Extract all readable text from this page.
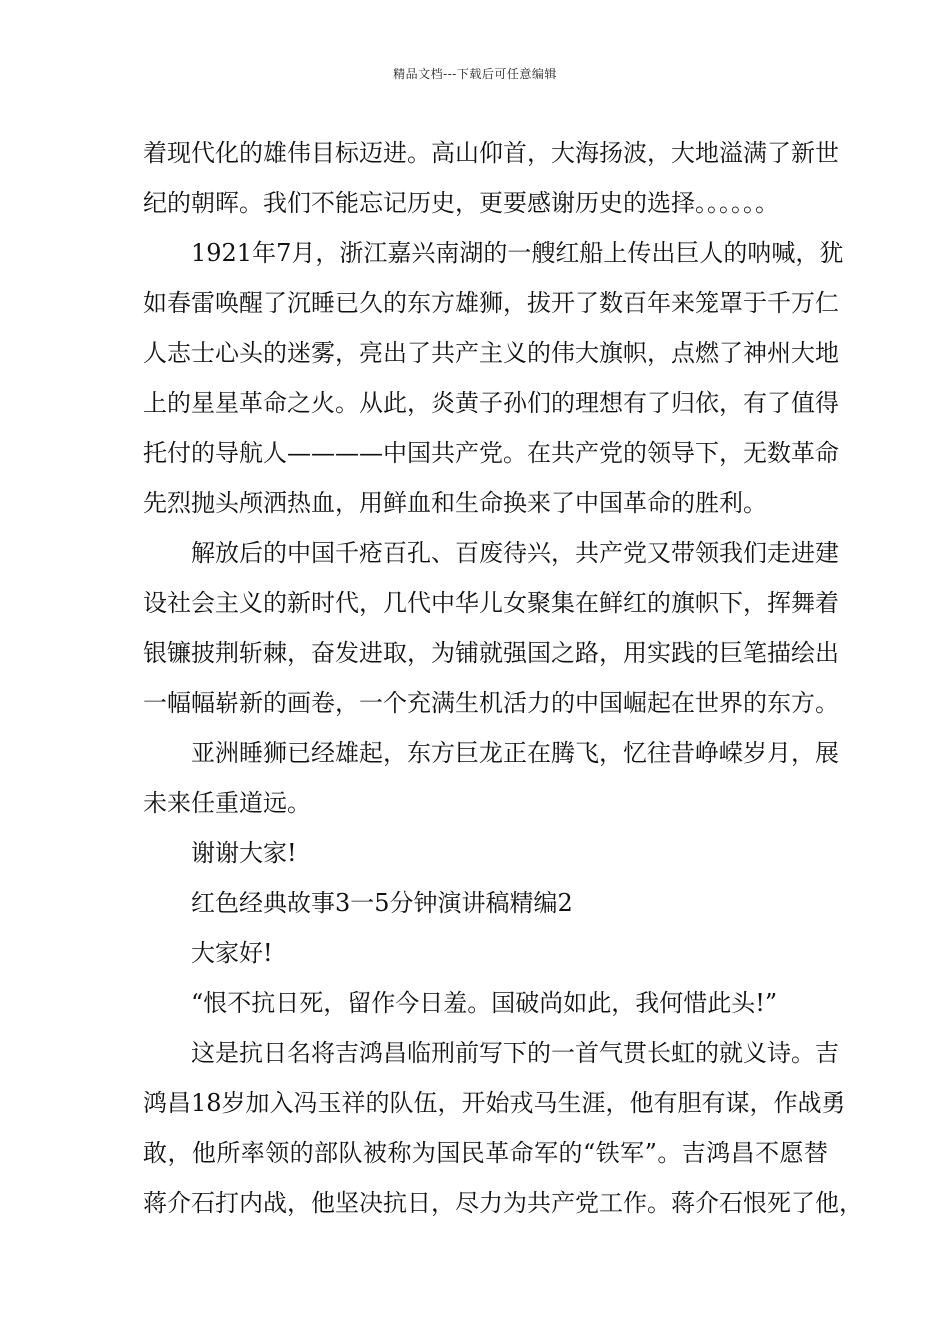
精品文档---下载后可任意编辑
着现代化的雄伟目标迈进。高山仰首，大海扬波，大地溢满了新世
纪的朝晖。我们不能忘记历史，更要感谢历史的选择。。。。。。
1921年7月，浙江嘉兴南湖的一艘红船上传出巨人的呐喊，犹
如春雷唤醒了沉睡已久的东方雄狮，拔开了数百年来笼罩于千万仁
人志士心头的迷雾，亮出了共产主义的伟大旗帜，点燃了神州大地
上的星星革命之火。从此，炎黄子孙们的理想有了归依，有了值得
托付的导航人————中国共产党。在共产党的领导下，无数革命
先烈抛头颅洒热血，用鲜血和生命换来了中国革命的胜利。
解放后的中国千疮百孔、百废待兴，共产党又带领我们走进建
设社会主义的新时代，几代中华儿女聚集在鲜红的旗帜下，挥舞着
银镰披荆斩棘，奋发进取，为铺就强国之路，用实践的巨笔描绘出
一幅幅崭新的画卷，一个充满生机活力的中国崛起在世界的东方。
亚洲睡狮已经雄起，东方巨龙正在腾飞，忆往昔峥嵘岁月，展
未来任重道远。
谢谢大家!
红色经典故事3一5分钟演讲稿精编2
大家好!
“恨不抗日死，留作今日羞。国破尚如此，我何惜此头!”
这是抗日名将吉鸿昌临刑前写下的一首气贯长虹的就义诗。吉
鸿昌18岁加入冯玉祥的队伍，开始戎马生涯，他有胆有谋，作战勇
敢，他所率领的部队被称为国民革命军的“铁军”。吉鸿昌不愿替
蒋介石打内战，他坚决抗日，尽力为共产党工作。蒋介石恨死了他，
